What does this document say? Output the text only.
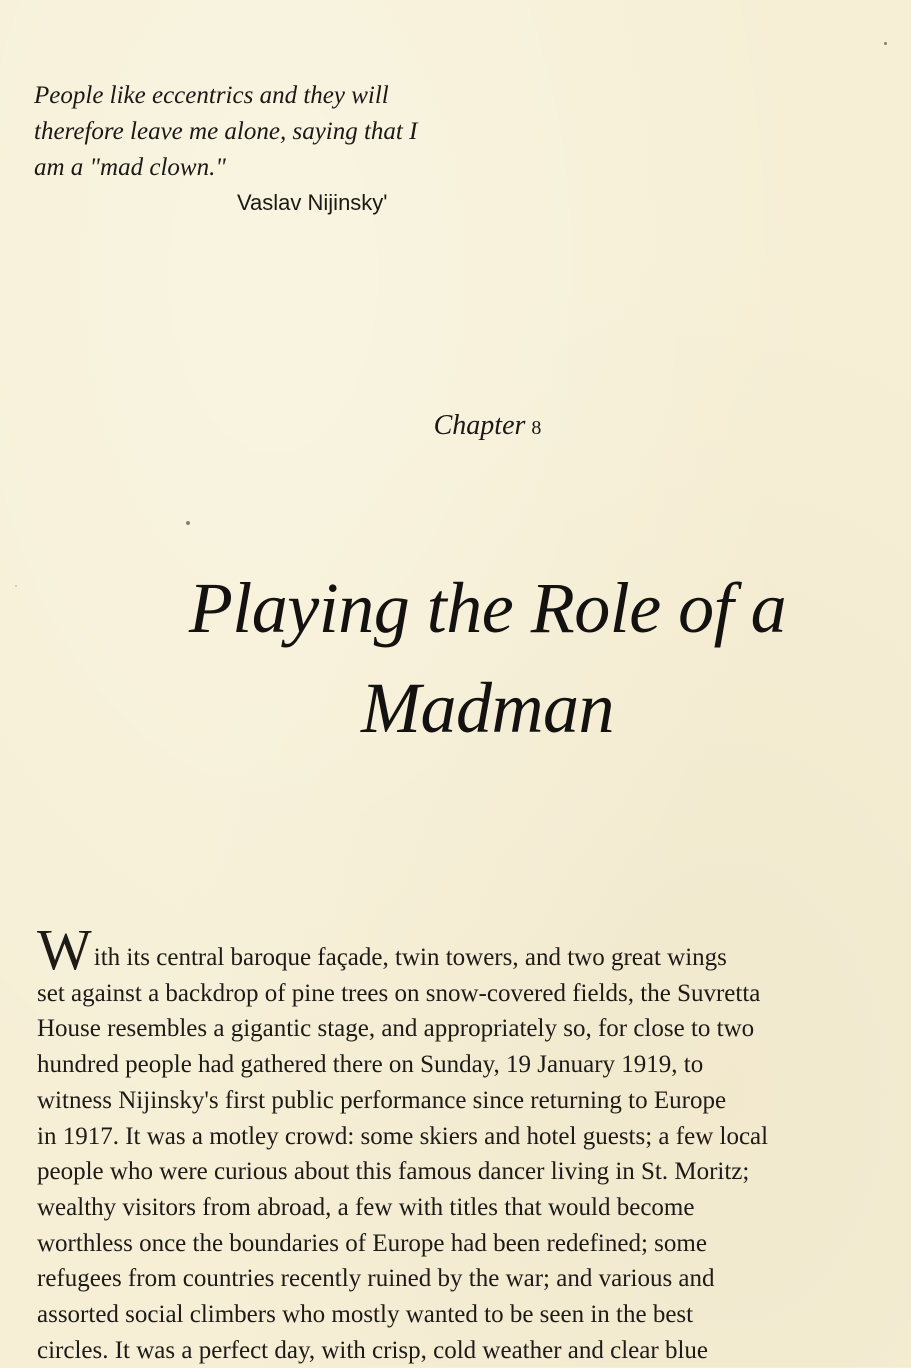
People like eccentrics and they will
therefore leave me alone, saying that I
am a "mad clown."

Vaslav Nijinsky'
Chapter 8
Playing the Role of a
Madman

With its central baroque façade, twin towers, and two great wings
set against a backdrop of pine trees on snow-covered fields, the Suvretta
House resembles a gigantic stage, and appropriately so, for close to two
hundred people had gathered there on Sunday, 19 January 1919, to
witness Nijinsky's first public performance since returning to Europe
in 1917. It was a motley crowd: some skiers and hotel guests; a few local
people who were curious about this famous dancer living in St. Moritz;
wealthy visitors from abroad, a few with titles that would become
worthless once the boundaries of Europe had been redefined; some
refugees from countries recently ruined by the war; and various and
assorted social climbers who mostly wanted to be seen in the best
circles. It was a perfect day, with crisp, cold weather and clear blue
